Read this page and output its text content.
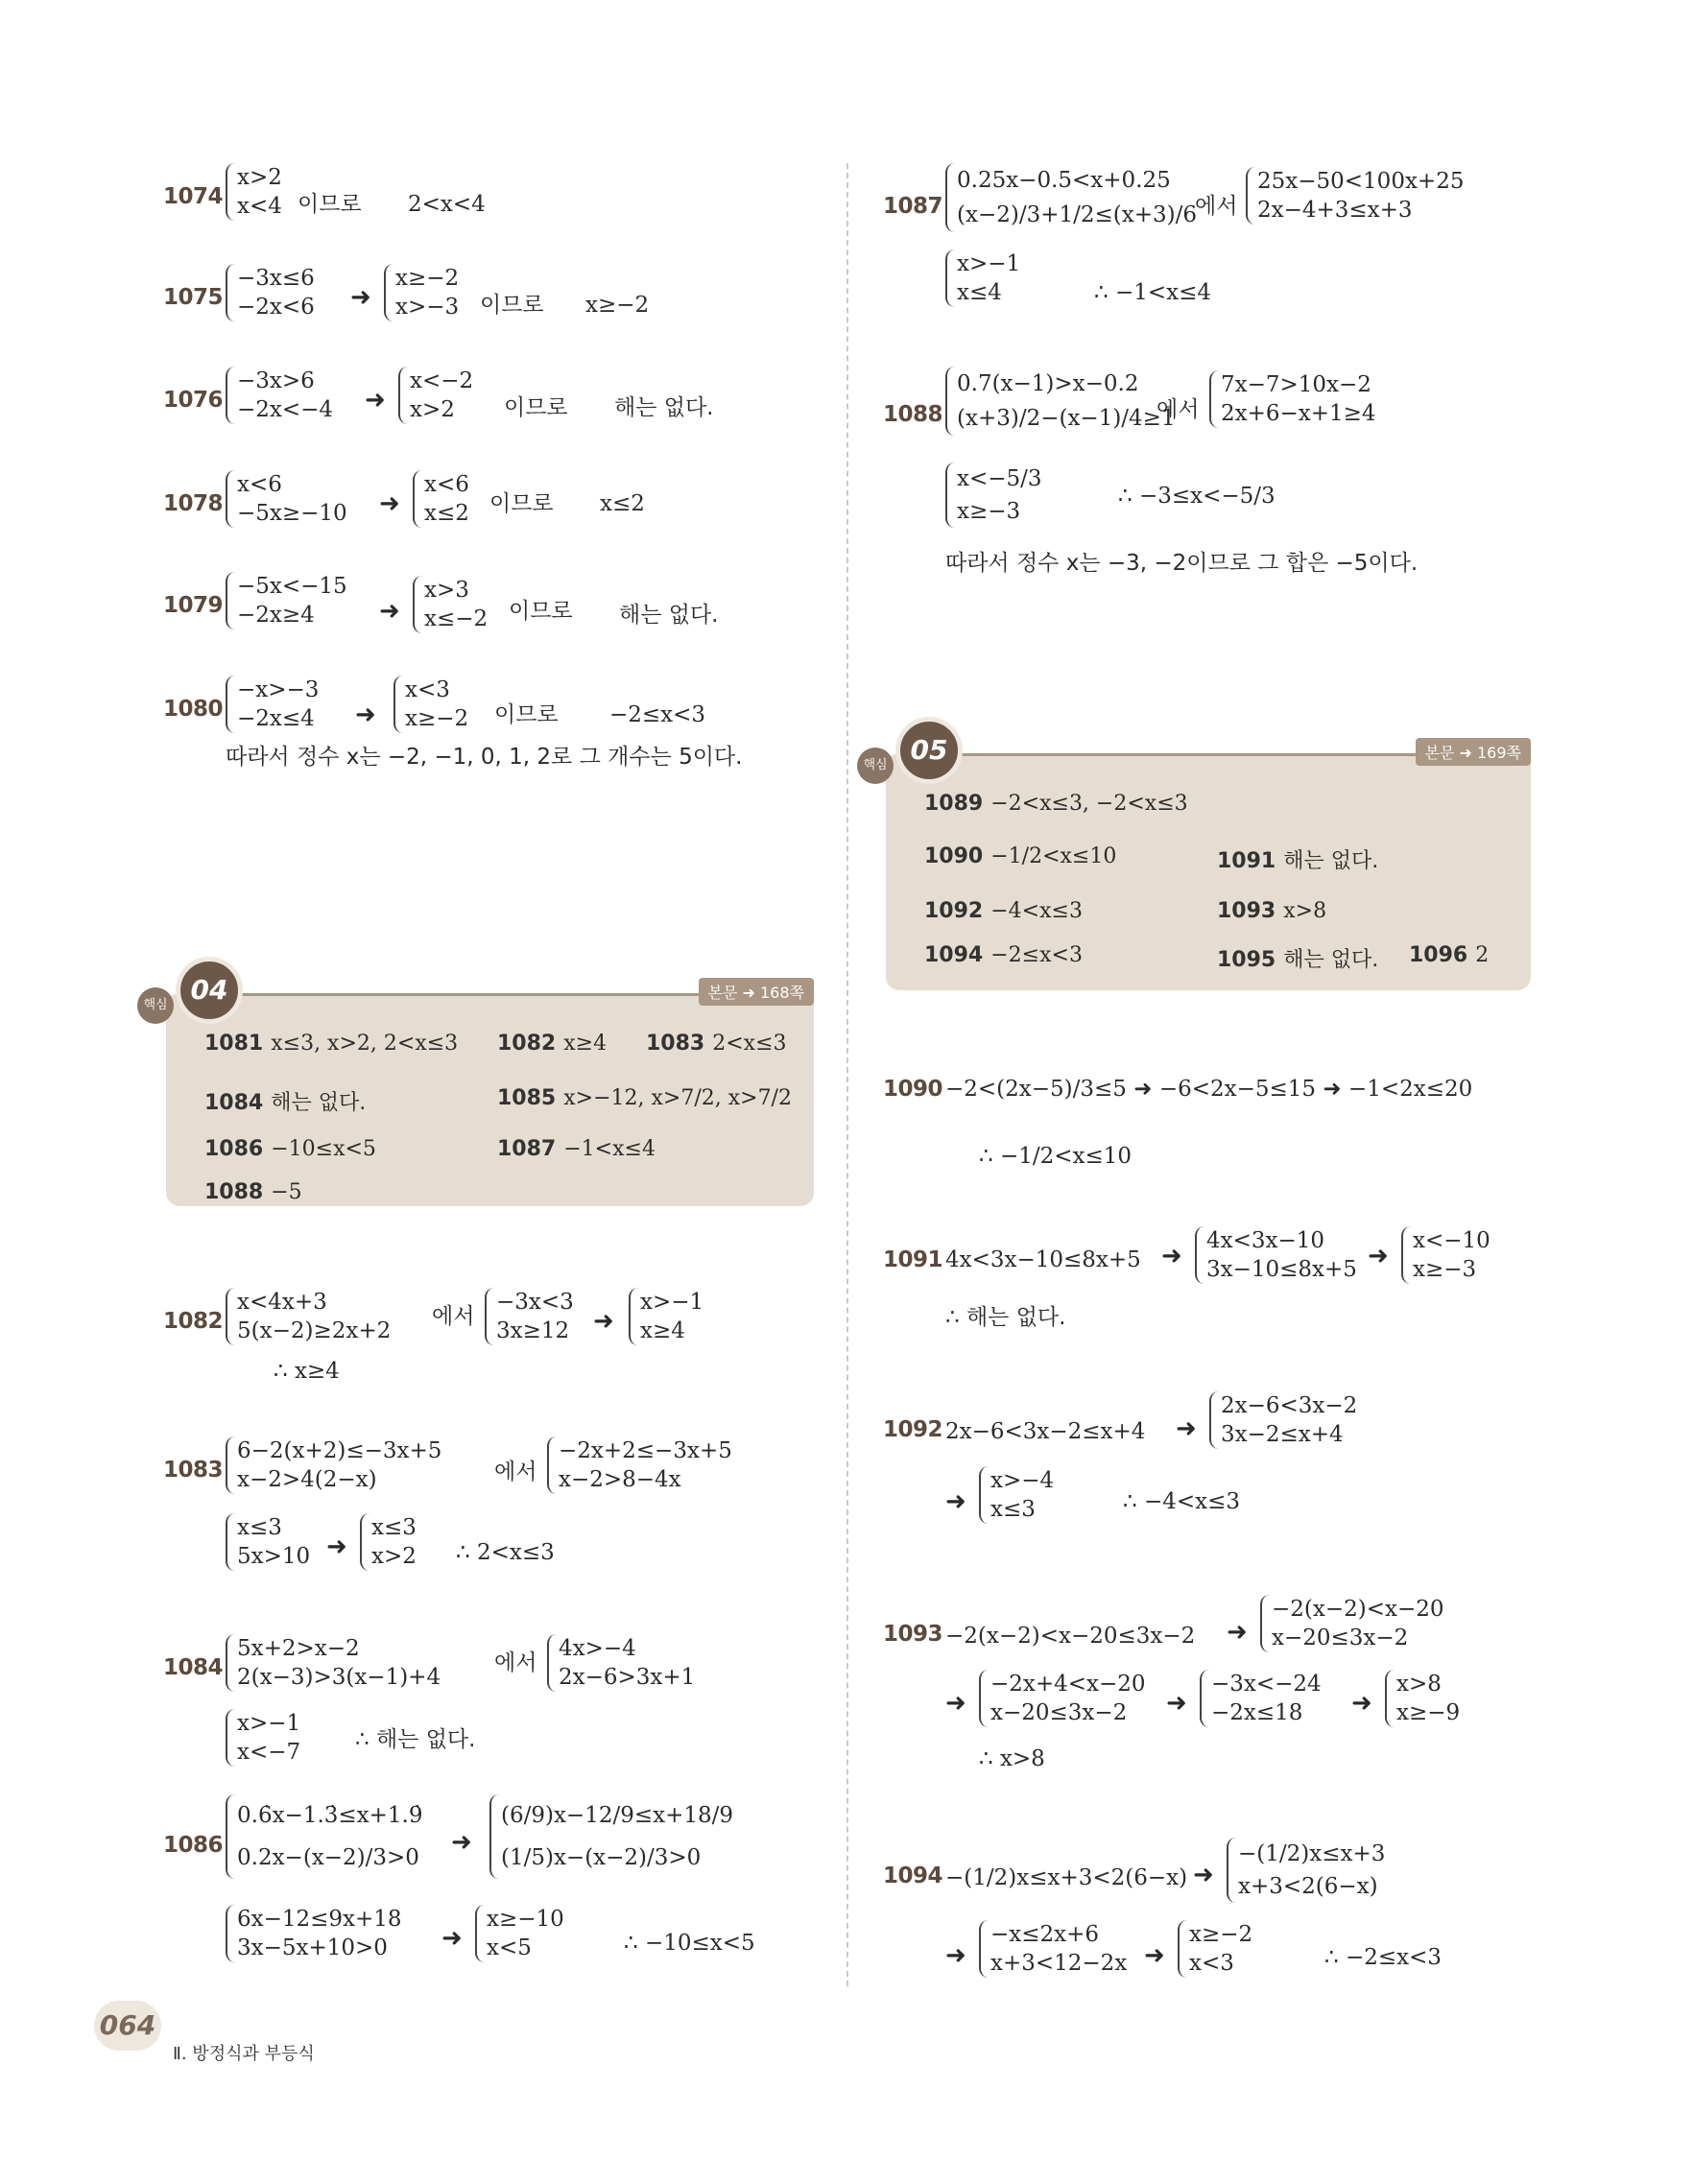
1074
x>2
x<4 이므로 2<x<4
1075
−3x≤6
−2x<6 ➜
x≥−2
x>−3 이므로 x≥−2
1076
−3x>6
−2x<−4 ➜
x<−2
x>2	이므로 해는 없다.
1078
x<6
−5x≥−10 ➜
x<6
x≤2 이므로 x≤2
1079
−5x<−15
−2x≥4	➜
x>3
x≤−2 이므로 해는 없다.
1080
−x>−3
−2x≤4 ➜
x<3
x≥−2 이므로 −2≤x<3
따라서 정수 x는 −2, −1, 0, 1, 2로 그 개수는 5이다.
04
핵심
본문 ➜ 168쪽
1081 x≤3, x>2, 2<x≤3 1082 x≥4 1083 2<x≤3
1084 해는 없다.	1085 x>−12, x>7/2, x>7/2
1086 −10≤x<5	1087 −1<x≤4
1088 −5
1082
x<4x+3
5(x−2)≥2x+2
에서
−3x<3
3x≥12 ➜
x>−1
x≥4
∴ x≥4
1083
6−2(x+2)≤−3x+5
x−2>4(2−x)	에서
−2x+2≤−3x+5
x−2>8−4x
x≤3
5x>10 ➜
x≤3
x>2 ∴ 2<x≤3
1084
5x+2>x−2
2(x−3)>3(x−1)+4
에서
4x>−4
2x−6>3x+1
x>−1
x<−7 ∴ 해는 없다.
1086
0.6̇x−1.3̇≤x+1.9̇
0.2x−(x−2)/3>0
➜
(6/9)x−12/9≤x+18/9
(1/5)x−(x−2)/3>0
6x−12≤9x+18
3x−5x+10>0	➜
x≥−10
x<5	∴ −10≤x<5
1087
0.25x−0.5<x+0.25
(x−2)/3+1/2≤(x+3)/6
에서
25x−50<100x+25
2x−4+3≤x+3
x>−1
x≤4	∴ −1<x≤4
1088
0.7(x−1)>x−0.2
(x+3)/2−(x−1)/4≥1
에서
7x−7>10x−2
2x+6−x+1≥4
x<−5/3
x≥−3
∴ −3≤x<−5/3
따라서 정수 x는 −3, −2이므로 그 합은 −5이다.
05
핵심
본문 ➜ 169쪽
1089 −2<x≤3, −2<x≤3
1090 −1/2<x≤10	1091 해는 없다.
1092 −4<x≤3	1093 x>8
1094 −2≤x<3	1095 해는 없다. 1096 2
1090 −2<(2x−5)/3≤5 ➜ −6<2x−5≤15 ➜ −1<2x≤20
∴ −1/2<x≤10
1091 4x<3x−10≤8x+5 ➜
4x<3x−10
3x−10≤8x+5 ➜
x<−10
x≥−3
∴ 해는 없다.
1092 2x−6<3x−2≤x+4 ➜
2x−6<3x−2
3x−2≤x+4
➜
x>−4
x≤3	∴ −4<x≤3
1093 −2(x−2)<x−20≤3x−2 ➜
−2(x−2)<x−20
x−20≤3x−2
➜
−2x+4<x−20
x−20≤3x−2	➜
−3x<−24
−2x≤18	➜
x>8
x≥−9
∴ x>8
1094 −(1/2)x≤x+3<2(6−x) ➜
−(1/2)x≤x+3
x+3<2(6−x)
➜
−x≤2x+6
x+3<12−2x ➜
x≥−2
x<3	∴ −2≤x<3
064
Ⅱ. 방정식과 부등식
